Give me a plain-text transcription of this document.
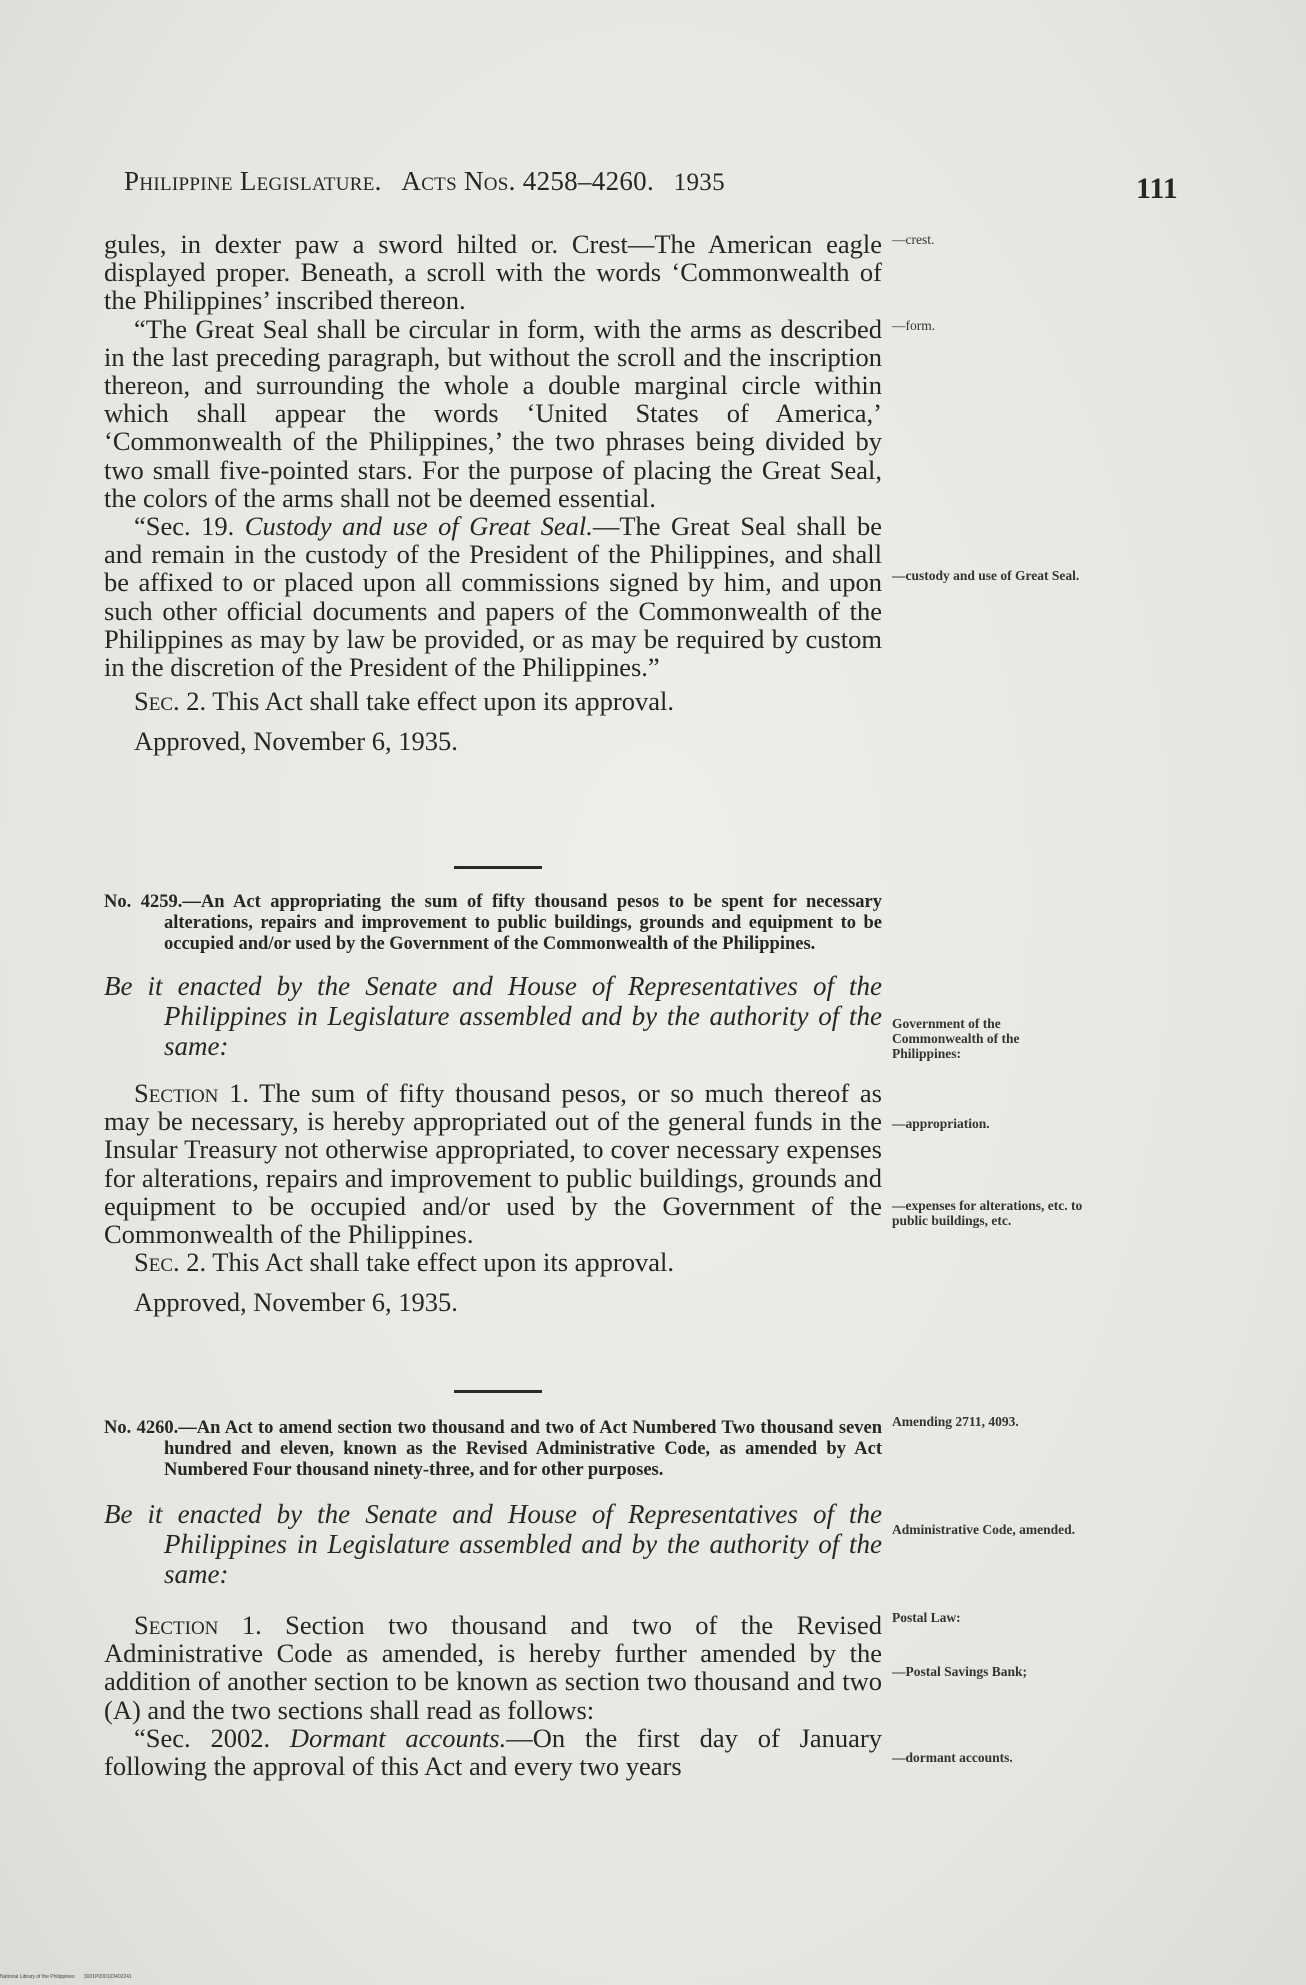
Philippine Legislature. Acts Nos. 4258–4260. 1935	111

gules, in dexter paw a sword hilted or. Crest—The American eagle displayed proper. Beneath, a scroll with the words ‘Commonwealth of the Philippines’ inscribed thereon.

“The Great Seal shall be circular in form, with the arms as described in the last preceding paragraph, but without the scroll and the inscription thereon, and surrounding the whole a double marginal circle within which shall appear the words ‘United States of America,’ ‘Commonwealth of the Philippines,’ the two phrases being divided by two small five-pointed stars. For the purpose of placing the Great Seal, the colors of the arms shall not be deemed essential.

“Sec. 19. Custody and use of Great Seal.—The Great Seal shall be and remain in the custody of the President of the Philippines, and shall be affixed to or placed upon all commissions signed by him, and upon such other official documents and papers of the Commonwealth of the Philippines as may by law be provided, or as may be required by custom in the discretion of the President of the Philippines.”

Sec. 2. This Act shall take effect upon its approval.

Approved, November 6, 1935.

No. 4259.—An Act appropriating the sum of fifty thousand pesos to be spent for necessary alterations, repairs and improvement to public buildings, grounds and equipment to be occupied and/or used by the Government of the Commonwealth of the Philippines.
Be it enacted by the Senate and House of Representatives of the Philippines in Legislature assembled and by the authority of the same:

Section 1. The sum of fifty thousand pesos, or so much thereof as may be necessary, is hereby appropriated out of the general funds in the Insular Treasury not otherwise appropriated, to cover necessary expenses for alterations, repairs and improvement to public buildings, grounds and equipment to be occupied and/or used by the Government of the Commonwealth of the Philippines.

Sec. 2. This Act shall take effect upon its approval.

Approved, November 6, 1935.

No. 4260.—An Act to amend section two thousand and two of Act Numbered Two thousand seven hundred and eleven, known as the Revised Administrative Code, as amended by Act Numbered Four thousand ninety-three, and for other purposes.
Be it enacted by the Senate and House of Representatives of the Philippines in Legislature assembled and by the authority of the same:

Section 1. Section two thousand and two of the Revised Administrative Code as amended, is hereby further amended by the addition of another section to be known as section two thousand and two (A) and the two sections shall read as follows:

“Sec. 2002. Dormant accounts.—On the first day of January following the approval of this Act and every two years

—crest.
—form.
—custody and use of Great Seal.
Government of the Commonwealth of the Philippines:
—appropriation.
—expenses for alterations, etc. to public buildings, etc.
Amending 2711, 4093.
Administrative Code, amended.
Postal Law:
—Postal Savings Bank;
—dormant accounts.
National Library of the Philippines 3001P000103402241
